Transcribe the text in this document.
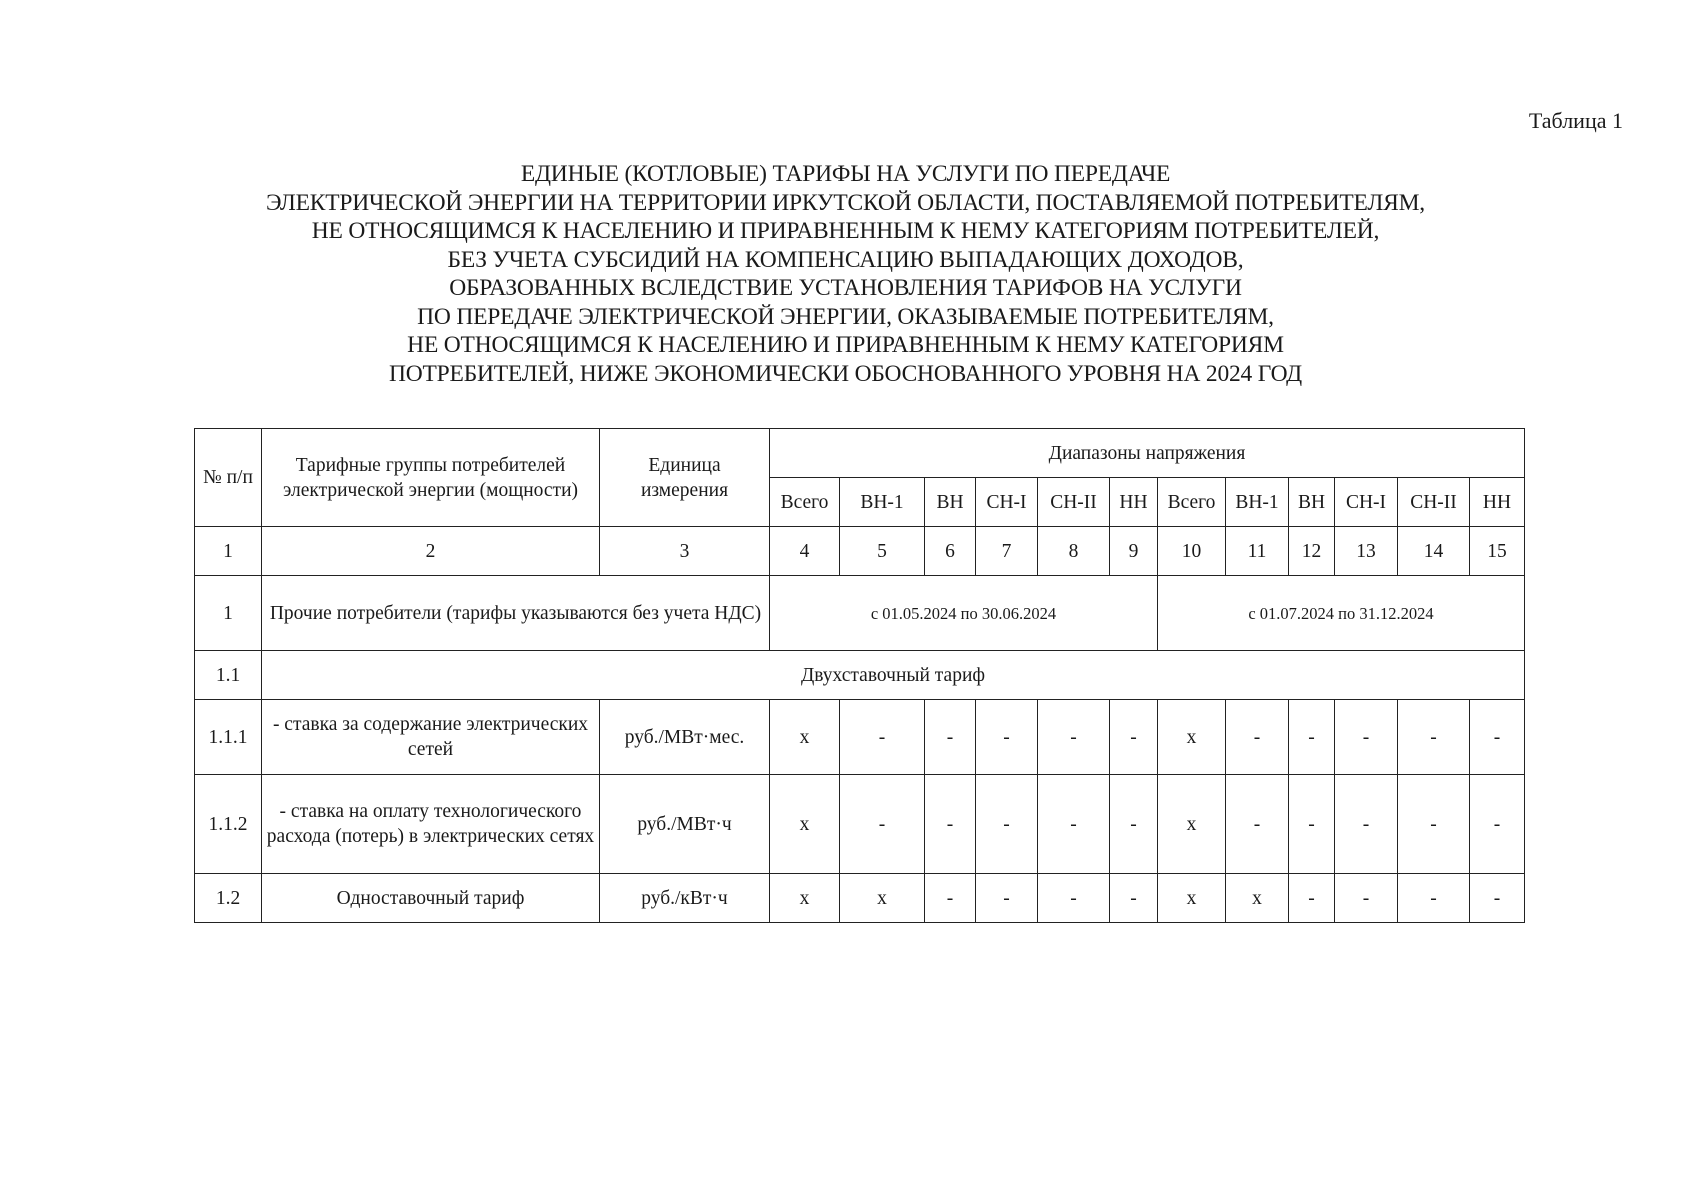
Таблица 1
ЕДИНЫЕ (КОТЛОВЫЕ) ТАРИФЫ НА УСЛУГИ ПО ПЕРЕДАЧЕ
ЭЛЕКТРИЧЕСКОЙ ЭНЕРГИИ НА ТЕРРИТОРИИ ИРКУТСКОЙ ОБЛАСТИ, ПОСТАВЛЯЕМОЙ ПОТРЕБИТЕЛЯМ,
НЕ ОТНОСЯЩИМСЯ К НАСЕЛЕНИЮ И ПРИРАВНЕННЫМ К НЕМУ КАТЕГОРИЯМ ПОТРЕБИТЕЛЕЙ,
БЕЗ УЧЕТА СУБСИДИЙ НА КОМПЕНСАЦИЮ ВЫПАДАЮЩИХ ДОХОДОВ,
ОБРАЗОВАННЫХ ВСЛЕДСТВИЕ УСТАНОВЛЕНИЯ ТАРИФОВ НА УСЛУГИ
ПО ПЕРЕДАЧЕ ЭЛЕКТРИЧЕСКОЙ ЭНЕРГИИ, ОКАЗЫВАЕМЫЕ ПОТРЕБИТЕЛЯМ,
НЕ ОТНОСЯЩИМСЯ К НАСЕЛЕНИЮ И ПРИРАВНЕННЫМ К НЕМУ КАТЕГОРИЯМ
ПОТРЕБИТЕЛЕЙ, НИЖЕ ЭКОНОМИЧЕСКИ ОБОСНОВАННОГО УРОВНЯ НА 2024 ГОД
№ п/п	Тарифные группы потребителей электрической энергии (мощности)	Единица измерения	Диапазоны напряжения											
			Всего	ВН-1	ВН	СН-I	СН-II	НН	Всего	ВН-1	ВН	СН-I	СН-II	НН
1	2	3	4	5	6	7	8	9	10	11	12	13	14	15
1	Прочие потребители (тарифы указываются без учета НДС)		с 01.05.2024 по 30.06.2024						с 01.07.2024 по 31.12.2024					
1.1	Двухставочный тариф													
1.1.1	- ставка за содержание электрических сетей	руб./МВт·мес.	х	-	-	-	-	-	х	-	-	-	-	-
1.1.2	- ставка на оплату технологического расхода (потерь) в электрических сетях	руб./МВт·ч	х	-	-	-	-	-	х	-	-	-	-	-
1.2	Одноставочный тариф	руб./кВт·ч	х	х	-	-	-	-	х	х	-	-	-	-
